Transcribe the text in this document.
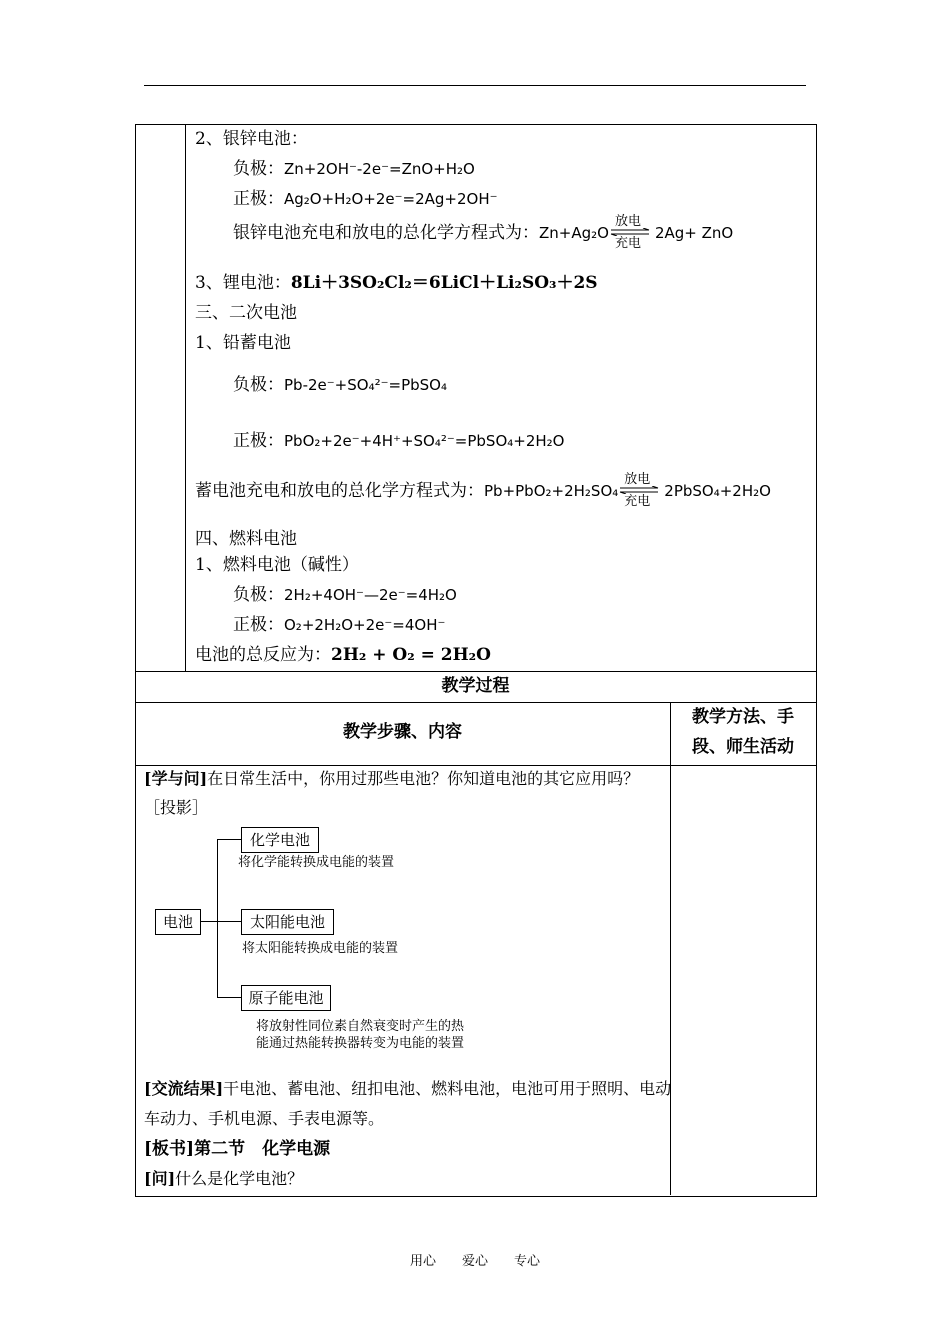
2、银锌电池：
负极：Zn+2OH⁻-2e⁻=ZnO+H₂O
正极：Ag₂O+H₂O+2e⁻=2Ag+2OH⁻
银锌电池充电和放电的总化学方程式为：Zn+Ag₂O
放电
充电
2Ag+ ZnO
3、锂电池：8Li＋3SO₂Cl₂＝6LiCl＋Li₂SO₃＋2S
三、二次电池
1、铅蓄电池
负极：Pb-2e⁻+SO₄²⁻=PbSO₄
正极：PbO₂+2e⁻+4H⁺+SO₄²⁻=PbSO₄+2H₂O
蓄电池充电和放电的总化学方程式为：Pb+PbO₂+2H₂SO₄
放电
充电
2PbSO₄+2H₂O
四、燃料电池
1、燃料电池（碱性）
负极：2H₂+4OH⁻—2e⁻=4H₂O
正极：O₂+2H₂O+2e⁻=4OH⁻
电池的总反应为：2H₂ + O₂ = 2H₂O
教学过程
教学步骤、内容
教学方法、手
段、师生活动
[学与问]在日常生活中，你用过那些电池？你知道电池的其它应用吗？
［投影］
电池
化学电池
将化学能转换成电能的装置
太阳能电池
将太阳能转换成电能的装置
原子能电池
将放射性同位素自然衰变时产生的热
能通过热能转换器转变为电能的装置
[交流结果]干电池、蓄电池、纽扣电池、燃料电池，电池可用于照明、电动
车动力、手机电源、手表电源等。
[板书]第二节　化学电源
[问]什么是化学电池？
用心　　爱心　　专心
